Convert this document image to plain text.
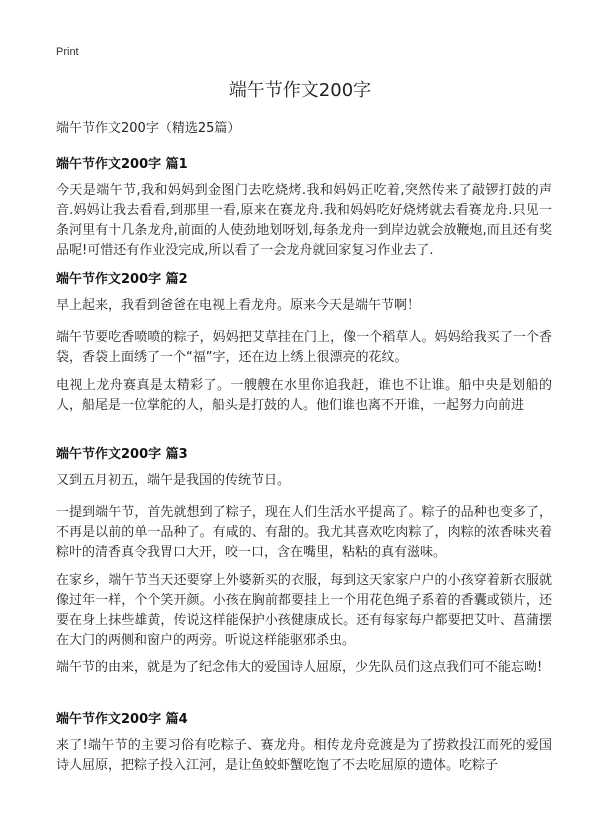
Print
端午节作文200字
端午节作文200字（精选25篇）
端午节作文200字 篇1
今天是端午节,我和妈妈到金图门去吃烧烤.我和妈妈正吃着,突然传来了敲锣打鼓的声音.妈妈让我去看看,到那里一看,原来在赛龙舟.我和妈妈吃好烧烤就去看赛龙舟.只见一条河里有十几条龙舟,前面的人使劲地划呀划,每条龙舟一到岸边就会放鞭炮,而且还有奖品呢!可惜还有作业没完成,所以看了一会龙舟就回家复习作业去了.
端午节作文200字 篇2
早上起来，我看到爸爸在电视上看龙舟。原来今天是端午节啊！
端午节要吃香喷喷的粽子，妈妈把艾草挂在门上，像一个稻草人。妈妈给我买了一个香袋，香袋上面绣了一个“福”字，还在边上绣上很漂亮的花纹。
电视上龙舟赛真是太精彩了。一艘艘在水里你追我赶，谁也不让谁。船中央是划船的人，船尾是一位掌舵的人，船头是打鼓的人。他们谁也离不开谁，一起努力向前进
端午节作文200字 篇3
又到五月初五，端午是我国的传统节日。
一提到端午节，首先就想到了粽子，现在人们生活水平提高了。粽子的品种也变多了，不再是以前的单一品种了。有咸的、有甜的。我尤其喜欢吃肉粽了，肉粽的浓香味夹着粽叶的清香真令我胃口大开，咬一口，含在嘴里，粘粘的真有滋味。
在家乡，端午节当天还要穿上外婆新买的衣服，每到这天家家户户的小孩穿着新衣服就像过年一样，个个笑开颜。小孩在胸前都要挂上一个用花色绳子系着的香囊或锁片，还要在身上抹些雄黄，传说这样能保护小孩健康成长。还有每家每户都要把艾叶、菖蒲摆在大门的两侧和窗户的两旁。听说这样能驱邪杀虫。
端午节的由来，就是为了纪念伟大的爱国诗人屈原，少先队员们这点我们可不能忘呦!
端午节作文200字 篇4
来了!端午节的主要习俗有吃粽子、赛龙舟。相传龙舟竞渡是为了捞救投江而死的爱国诗人屈原，把粽子投入江河，是让鱼蛟虾蟹吃饱了不去吃屈原的遗体。吃粽子
